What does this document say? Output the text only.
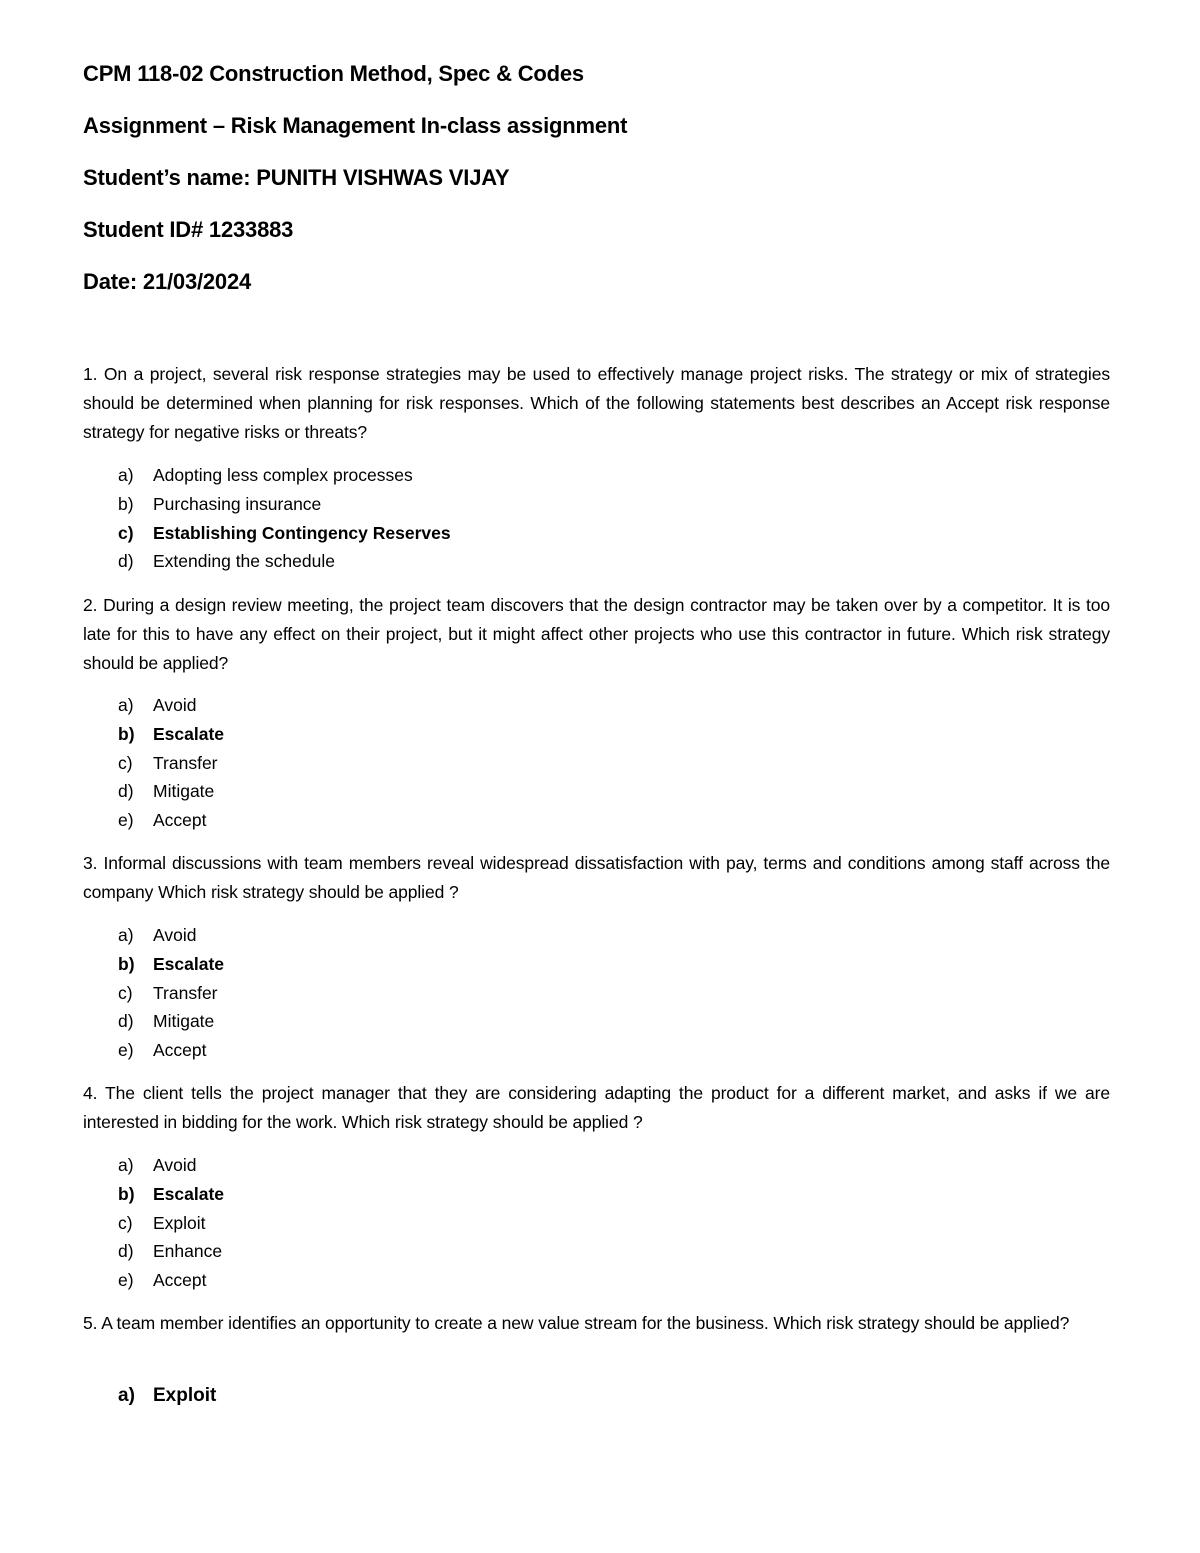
CPM 118-02 Construction Method, Spec & Codes
Assignment – Risk Management In-class assignment
Student’s name: PUNITH VISHWAS VIJAY
Student ID# 1233883
Date: 21/03/2024

1. On a project, several risk response strategies may be used to effectively manage project risks. The strategy or mix of strategies should be determined when planning for risk responses. Which of the following statements best describes an Accept risk response strategy for negative risks or threats?

a) Adopting less complex processes
b) Purchasing insurance
c) Establishing Contingency Reserves
d) Extending the schedule

2. During a design review meeting, the project team discovers that the design contractor may be taken over by a competitor. It is too late for this to have any effect on their project, but it might affect other projects who use this contractor in future. Which risk strategy should be applied?

a) Avoid
b) Escalate
c) Transfer
d) Mitigate
e) Accept

3. Informal discussions with team members reveal widespread dissatisfaction with pay, terms and conditions among staff across the company Which risk strategy should be applied ?

a) Avoid
b) Escalate
c) Transfer
d) Mitigate
e) Accept

4. The client tells the project manager that they are considering adapting the product for a different market, and asks if we are interested in bidding for the work. Which risk strategy should be applied ?

a) Avoid
b) Escalate
c) Exploit
d) Enhance
e) Accept

5. A team member identifies an opportunity to create a new value stream for the business. Which risk strategy should be applied?

a) Exploit
